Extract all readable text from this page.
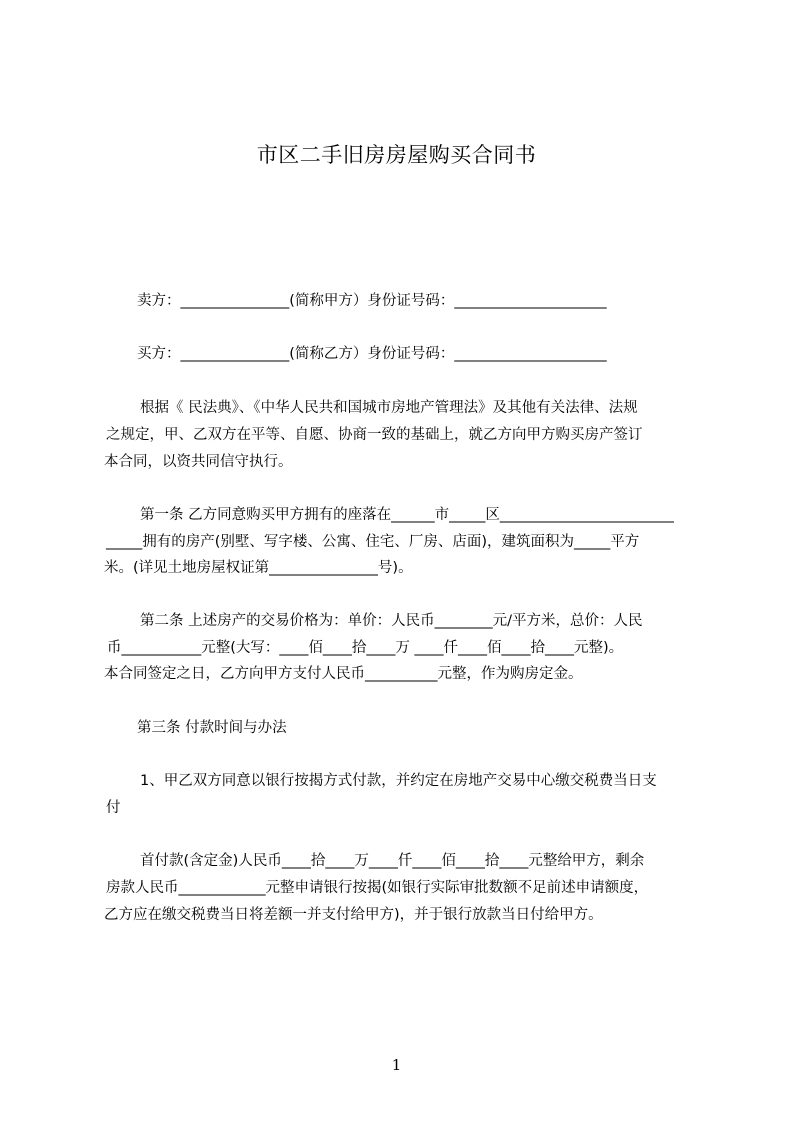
市区二手旧房房屋购买合同书
卖方：_______________(简称甲方）身份证号码：_____________________
买方：_______________(简称乙方）身份证号码：_____________________
根据《 民法典》、《中华人民共和国城市房地产管理法》及其他有关法律、法规
之规定，甲、乙双方在平等、自愿、协商一致的基础上，就乙方向甲方购买房产签订
本合同，以资共同信守执行。
第一条 乙方同意购买甲方拥有的座落在______市_____区________________________
_____拥有的房产(别墅、写字楼、公寓、住宅、厂房、店面)，建筑面积为_____平方
米。(详见土地房屋权证第_______________号)。
第二条 上述房产的交易价格为：单价：人民币________元/平方米，总价：人民
币___________元整(大写：____佰____拾____万 ____仟____佰____拾____元整)。
本合同签定之日，乙方向甲方支付人民币__________元整，作为购房定金。
第三条 付款时间与办法
1、甲乙双方同意以银行按揭方式付款，并约定在房地产交易中心缴交税费当日支
付
首付款(含定金)人民币____拾____万____仟____佰____拾____元整给甲方，剩余
房款人民币____________元整申请银行按揭(如银行实际审批数额不足前述申请额度，
乙方应在缴交税费当日将差额一并支付给甲方)，并于银行放款当日付给甲方。
1
